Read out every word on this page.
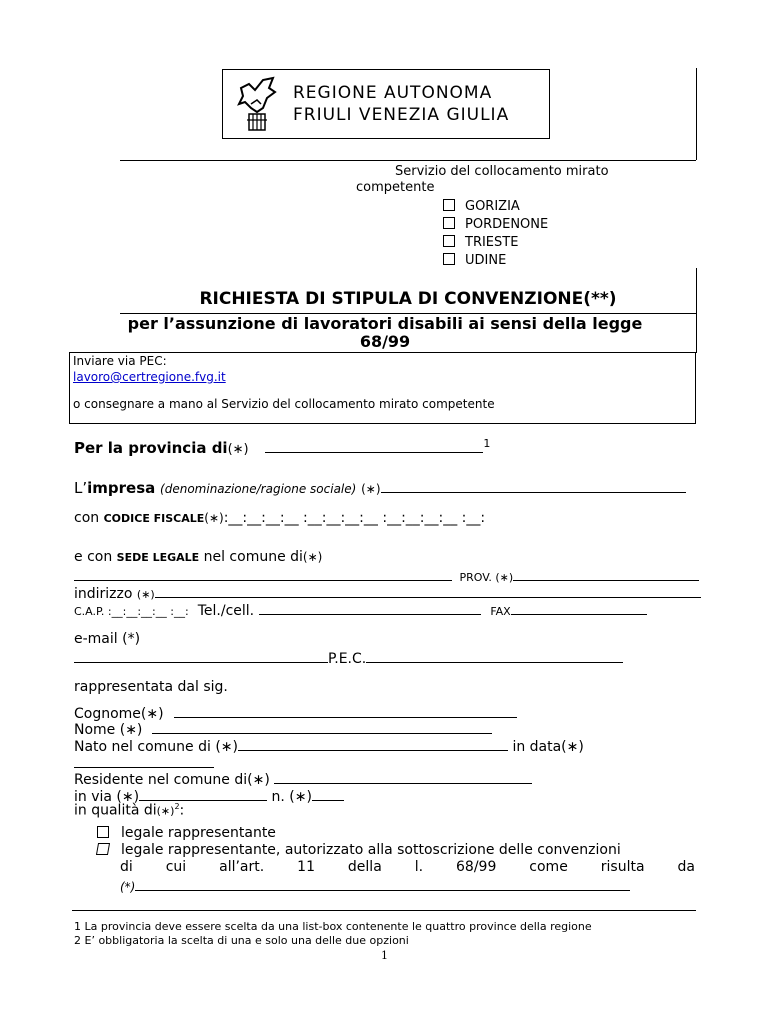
REGIONE AUTONOMA
FRIULI VENEZIA GIULIA
Servizio del collocamento mirato
competente
GORIZIA
PORDENONE
TRIESTE
UDINE
RICHIESTA DI STIPULA DI CONVENZIONE(**)
per l’assunzione di lavoratori disabili ai sensi della legge
68/99
Inviare via PEC:
lavoro@certregione.fvg.it
o consegnare a mano al Servizio del collocamento mirato competente
Per la provincia di(∗)	$^1$
L’impresa (denominazione/ragione sociale) (∗)
con CODICE FISCALE(∗):__:__:__:__ :__:__:__:__ :__:__:__:__ :__:
e con SEDE LEGALE nel comune di(∗)
PROV. (∗)
indirizzo (∗)
C.A.P. :__:__:__:__ :__: Tel./cell.	FAX
e-mail (*)
P.E.C.
rappresentata dal sig.
Cognome(∗)
Nome (∗)
Nato nel comune di (∗)	in data(∗)
Residente nel comune di(∗)
in via (∗)	n. (∗)
in qualità di(∗)$^2$:
legale rappresentante
legale rappresentante, autorizzato alla sottoscrizione delle convenzioni
di cui all’art. 11 della l. 68/99 come risulta da
(*)
1 La provincia deve essere scelta da una list-box contenente le quattro province della regione
2 E’ obbligatoria la scelta di una e solo una delle due opzioni
1
